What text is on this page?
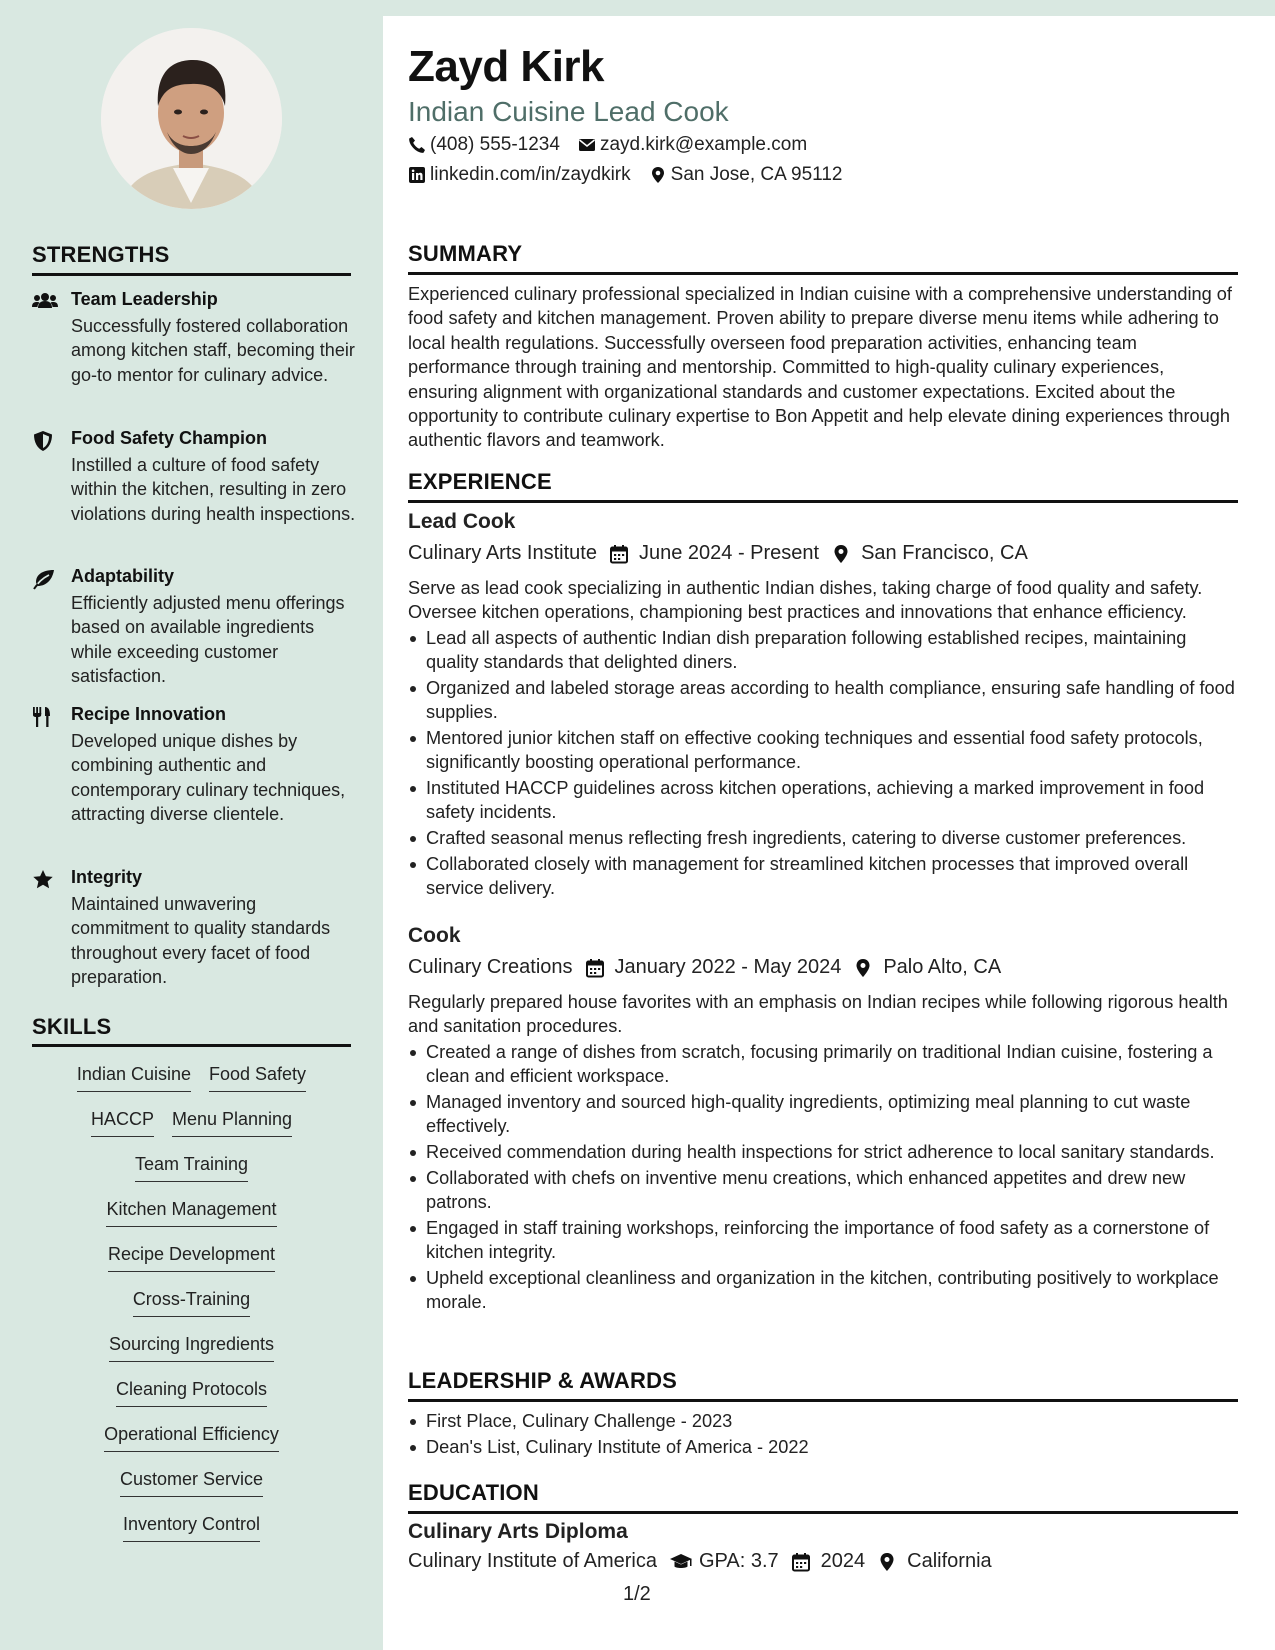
STRENGTHS
Team Leadership
Successfully fostered collaboration among kitchen staff, becoming their go-to mentor for culinary advice.
Food Safety Champion
Instilled a culture of food safety within the kitchen, resulting in zero violations during health inspections.
Adaptability
Efficiently adjusted menu offerings based on available ingredients while exceeding customer satisfaction.
Recipe Innovation
Developed unique dishes by combining authentic and contemporary culinary techniques, attracting diverse clientele.
Integrity
Maintained unwavering commitment to quality standards throughout every facet of food preparation.
SKILLS
Indian Cuisine Food Safety
HACCP Menu Planning
Team Training
Kitchen Management
Recipe Development
Cross-Training
Sourcing Ingredients
Cleaning Protocols
Operational Efficiency
Customer Service
Inventory Control
Zayd Kirk
Indian Cuisine Lead Cook
(408) 555-1234 zayd.kirk@example.com
linkedin.com/in/zaydkirk San Jose, CA 95112
SUMMARY
Experienced culinary professional specialized in Indian cuisine with a comprehensive understanding of food safety and kitchen management. Proven ability to prepare diverse menu items while adhering to local health regulations. Successfully overseen food preparation activities, enhancing team performance through training and mentorship. Committed to high-quality culinary experiences, ensuring alignment with organizational standards and customer expectations. Excited about the opportunity to contribute culinary expertise to Bon Appetit and help elevate dining experiences through authentic flavors and teamwork.
EXPERIENCE
Lead Cook
Culinary Arts Institute June 2024 - Present San Francisco, CA
Serve as lead cook specializing in authentic Indian dishes, taking charge of food quality and safety. Oversee kitchen operations, championing best practices and innovations that enhance efficiency.
Lead all aspects of authentic Indian dish preparation following established recipes, maintaining quality standards that delighted diners.
Organized and labeled storage areas according to health compliance, ensuring safe handling of food supplies.
Mentored junior kitchen staff on effective cooking techniques and essential food safety protocols, significantly boosting operational performance.
Instituted HACCP guidelines across kitchen operations, achieving a marked improvement in food safety incidents.
Crafted seasonal menus reflecting fresh ingredients, catering to diverse customer preferences.
Collaborated closely with management for streamlined kitchen processes that improved overall service delivery.
Cook
Culinary Creations January 2022 - May 2024 Palo Alto, CA
Regularly prepared house favorites with an emphasis on Indian recipes while following rigorous health and sanitation procedures.
Created a range of dishes from scratch, focusing primarily on traditional Indian cuisine, fostering a clean and efficient workspace.
Managed inventory and sourced high-quality ingredients, optimizing meal planning to cut waste effectively.
Received commendation during health inspections for strict adherence to local sanitary standards.
Collaborated with chefs on inventive menu creations, which enhanced appetites and drew new patrons.
Engaged in staff training workshops, reinforcing the importance of food safety as a cornerstone of kitchen integrity.
Upheld exceptional cleanliness and organization in the kitchen, contributing positively to workplace morale.
LEADERSHIP & AWARDS
First Place, Culinary Challenge - 2023
Dean's List, Culinary Institute of America - 2022
EDUCATION
Culinary Arts Diploma
Culinary Institute of America GPA: 3.7 2024 California
1/2
